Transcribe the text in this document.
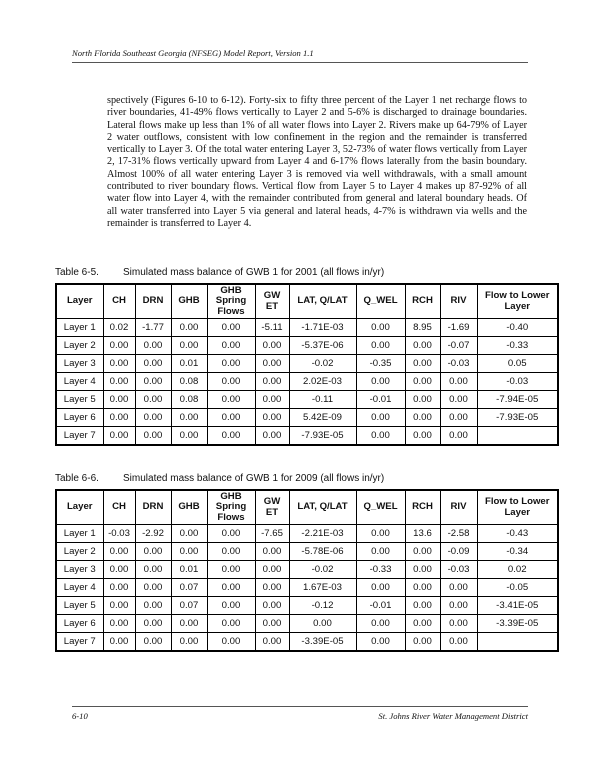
North Florida Southeast Georgia (NFSEG) Model Report, Version 1.1

spectively (Figures 6-10 to 6-12). Forty-six to fifty three percent of the Layer 1 net recharge flows to river boundaries, 41-49% flows vertically to Layer 2 and 5-6% is discharged to drainage boundaries. Lateral flows make up less than 1% of all water flows into Layer 2. Rivers make up 64-79% of Layer 2 water outflows, consistent with low confinement in the region and the remainder is transferred vertically to Layer 3. Of the total water entering Layer 3, 52-73% of water flows vertically from Layer 2, 17-31% flows vertically upward from Layer 4 and 6-17% flows laterally from the basin boundary. Almost 100% of all water entering Layer 3 is removed via well withdrawals, with a small amount contributed to river boundary flows. Vertical flow from Layer 5 to Layer 4 makes up 87-92% of all water flow into Layer 4, with the remainder contributed from general and lateral boundary heads. Of all water transferred into Layer 5 via general and lateral heads, 4-7% is withdrawn via wells and the remainder is transferred to Layer 4.

Table 6-5. Simulated mass balance of GWB 1 for 2001 (all flows in/yr)
Layer	CH	DRN	GHB	GHB Spring Flows	GW ET	LAT, Q/LAT	Q_WEL	RCH	RIV	Flow to Lower Layer
Layer 1	0.02	-1.77	0.00	0.00	-5.11	-1.71E-03	0.00	8.95	-1.69	-0.40
Layer 2	0.00	0.00	0.00	0.00	0.00	-5.37E-06	0.00	0.00	-0.07	-0.33
Layer 3	0.00	0.00	0.01	0.00	0.00	-0.02	-0.35	0.00	-0.03	0.05
Layer 4	0.00	0.00	0.08	0.00	0.00	2.02E-03	0.00	0.00	0.00	-0.03
Layer 5	0.00	0.00	0.08	0.00	0.00	-0.11	-0.01	0.00	0.00	-7.94E-05
Layer 6	0.00	0.00	0.00	0.00	0.00	5.42E-09	0.00	0.00	0.00	-7.93E-05
Layer 7	0.00	0.00	0.00	0.00	0.00	-7.93E-05	0.00	0.00	0.00	
Table 6-6. Simulated mass balance of GWB 1 for 2009 (all flows in/yr)
Layer	CH	DRN	GHB	GHB Spring Flows	GW ET	LAT, Q/LAT	Q_WEL	RCH	RIV	Flow to Lower Layer
Layer 1	-0.03	-2.92	0.00	0.00	-7.65	-2.21E-03	0.00	13.6	-2.58	-0.43
Layer 2	0.00	0.00	0.00	0.00	0.00	-5.78E-06	0.00	0.00	-0.09	-0.34
Layer 3	0.00	0.00	0.01	0.00	0.00	-0.02	-0.33	0.00	-0.03	0.02
Layer 4	0.00	0.00	0.07	0.00	0.00	1.67E-03	0.00	0.00	0.00	-0.05
Layer 5	0.00	0.00	0.07	0.00	0.00	-0.12	-0.01	0.00	0.00	-3.41E-05
Layer 6	0.00	0.00	0.00	0.00	0.00	0.00	0.00	0.00	0.00	-3.39E-05
Layer 7	0.00	0.00	0.00	0.00	0.00	-3.39E-05	0.00	0.00	0.00	
6-10	St. Johns River Water Management District
